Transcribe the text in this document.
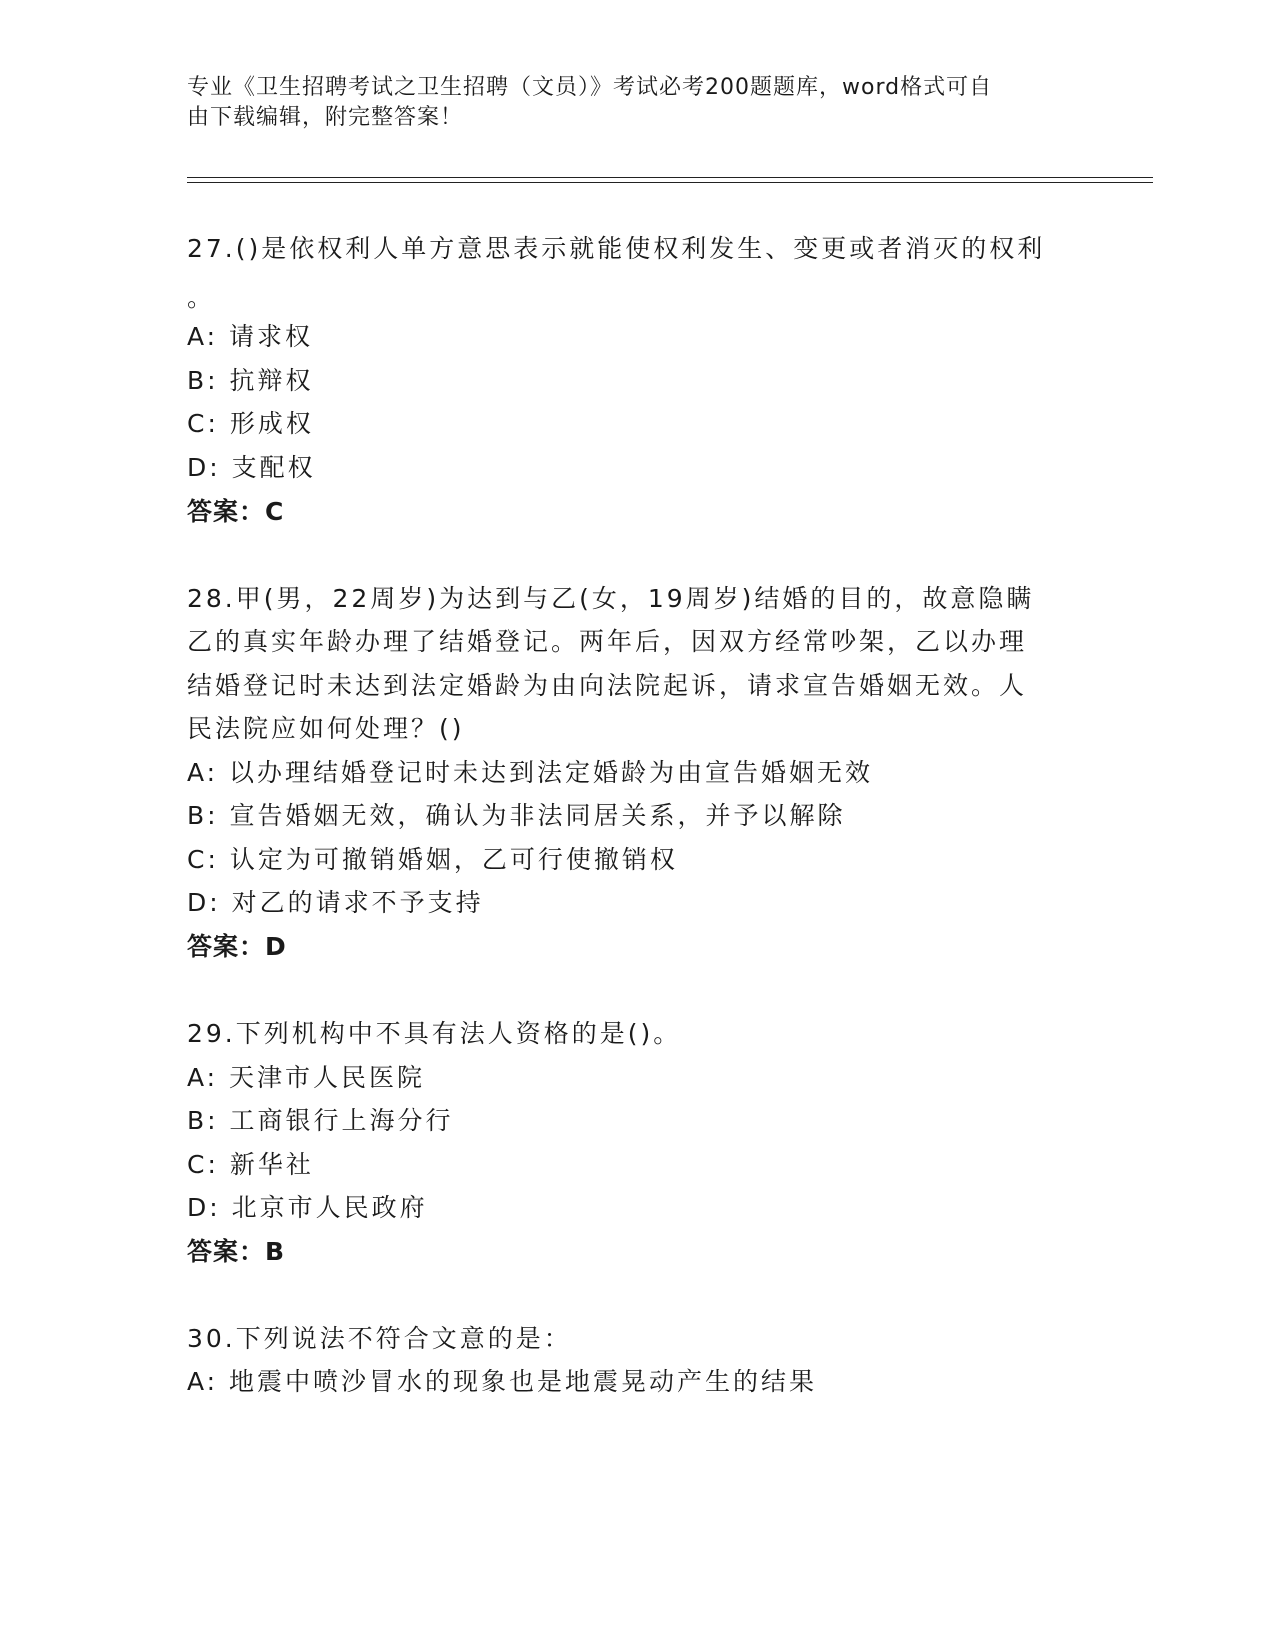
专业《卫生招聘考试之卫生招聘（文员）》考试必考200题题库，word格式可自
由下载编辑，附完整答案！
27.()是依权利人单方意思表示就能使权利发生、变更或者消灭的权利
。
A: 请求权
B: 抗辩权
C: 形成权
D: 支配权
答案：C
28.甲(男，22周岁)为达到与乙(女，19周岁)结婚的目的，故意隐瞒
乙的真实年龄办理了结婚登记。两年后，因双方经常吵架，乙以办理
结婚登记时未达到法定婚龄为由向法院起诉，请求宣告婚姻无效。人
民法院应如何处理？()
A: 以办理结婚登记时未达到法定婚龄为由宣告婚姻无效
B: 宣告婚姻无效，确认为非法同居关系，并予以解除
C: 认定为可撤销婚姻，乙可行使撤销权
D: 对乙的请求不予支持
答案：D
29.下列机构中不具有法人资格的是()。
A: 天津市人民医院
B: 工商银行上海分行
C: 新华社
D: 北京市人民政府
答案：B
30.下列说法不符合文意的是：
A: 地震中喷沙冒水的现象也是地震晃动产生的结果
